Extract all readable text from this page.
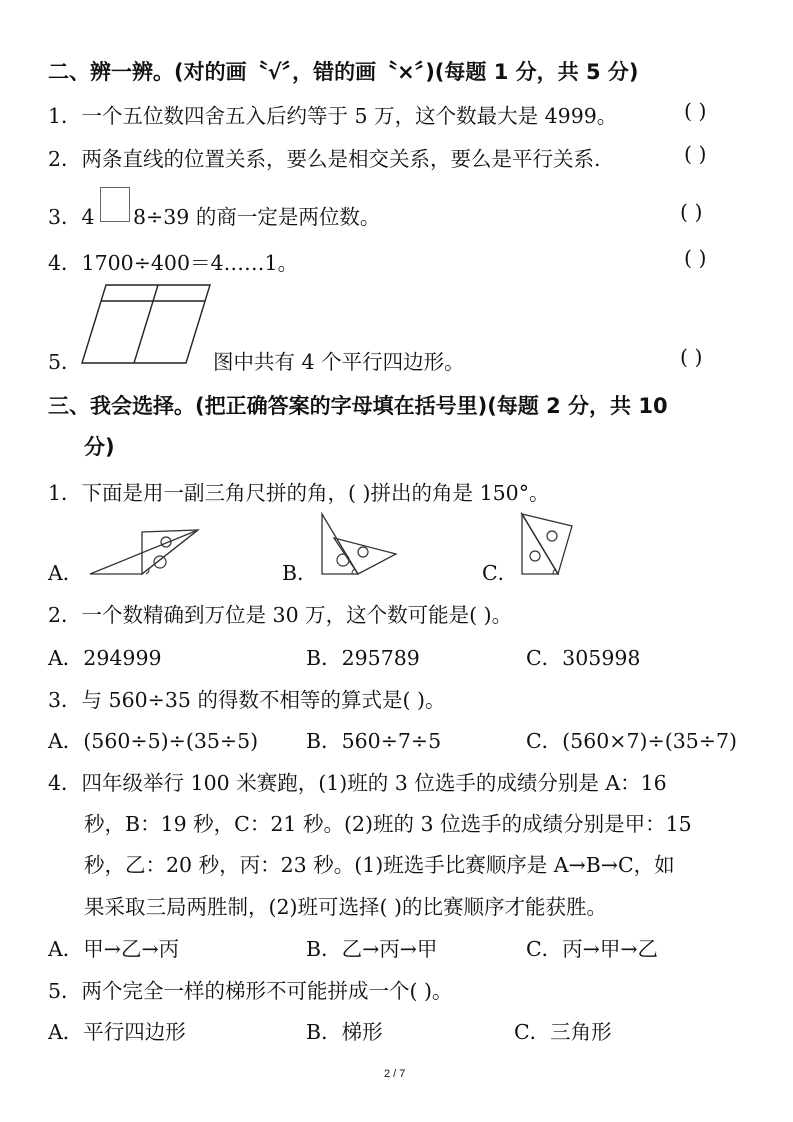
二、辨一辨。(对的画〝√〞，错的画〝×〞)(每题 1 分，共 5 分)
1．一个五位数四舍五入后约等于 5 万，这个数最大是 4999。	( )
2．两条直线的位置关系，要么是相交关系，要么是平行关系.	( )
3．4 8÷39 的商一定是两位数。	( )
4．1700÷400＝4……1。	( )
5．	图中共有 4 个平行四边形。	( )
三、我会选择。(把正确答案的字母填在括号里)(每题 2 分，共 10
分)
1．下面是用一副三角尺拼的角，( )拼出的角是 150°。
A．	B．	C．
2．一个数精确到万位是 30 万，这个数可能是( )。
A．294999	B．295789	C．305998
3．与 560÷35 的得数不相等的算式是( )。
A．(560÷5)÷(35÷5) B．560÷7÷5	C．(560×7)÷(35÷7)
4．四年级举行 100 米赛跑，(1)班的 3 位选手的成绩分别是 A：16
秒，B：19 秒，C：21 秒。(2)班的 3 位选手的成绩分别是甲：15
秒，乙：20 秒，丙：23 秒。(1)班选手比赛顺序是 A→B→C，如
果采取三局两胜制，(2)班可选择( )的比赛顺序才能获胜。
A．甲→乙→丙	B．乙→丙→甲	C．丙→甲→乙
5．两个完全一样的梯形不可能拼成一个( )。
A．平行四边形	B．梯形	C．三角形
2 / 7
